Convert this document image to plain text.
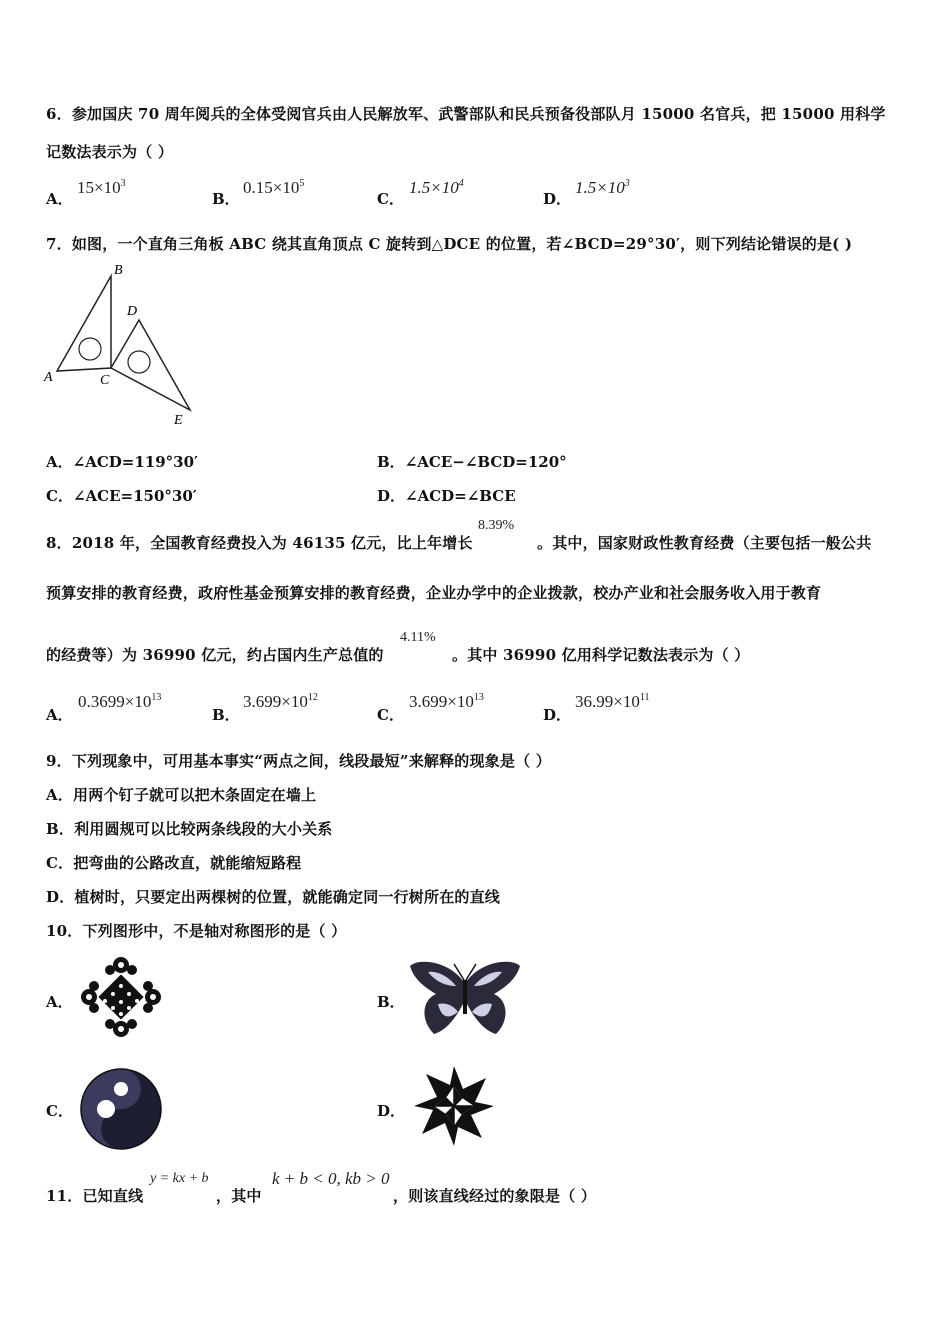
6．参加国庆 70 周年阅兵的全体受阅官兵由人民解放军、武警部队和民兵预备役部队月 15000 名官兵，把 15000 用科学
记数法表示为（ ）
A．
$15\times 10^3$
B．
$0.15\times 10^5$
C．
$1.5\times 10^4$
D．
$1.5\times 10^3$
7．如图，一个直角三角板 ABC 绕其直角顶点 C 旋转到△DCE 的位置，若∠BCD=29°30′，则下列结论错误的是( )
A
B
C
D
E
A．∠ACD=119°30′	B．∠ACE−∠BCD=120°
C．∠ACE=150°30′	D．∠ACD=∠BCE
8．2018 年，全国教育经费投入为 46135 亿元，比上年增长
8.39%
。其中，国家财政性教育经费（主要包括一般公共
预算安排的教育经费，政府性基金预算安排的教育经费，企业办学中的企业拨款，校办产业和社会服务收入用于教育
的经费等）为 36990 亿元，约占国内生产总值的
4.11%
。其中 36990 亿用科学记数法表示为（ ）
A．
$0.3699\times 10^{13}$
B．
$3.699\times 10^{12}$
C．
$3.699\times 10^{13}$
D．
$36.99\times 10^{11}$
9．下列现象中，可用基本事实“两点之间，线段最短”来解释的现象是（ ）
A．用两个钉子就可以把木条固定在墙上
B．利用圆规可以比较两条线段的大小关系
C．把弯曲的公路改直，就能缩短路程
D．植树时，只要定出两棵树的位置，就能确定同一行树所在的直线
10．下列图形中，不是轴对称图形的是（ ）
A．	B．
C．	D．
11．已知直线
y = kx + b
，其中
k + b < 0, kb > 0
，则该直线经过的象限是（ ）
